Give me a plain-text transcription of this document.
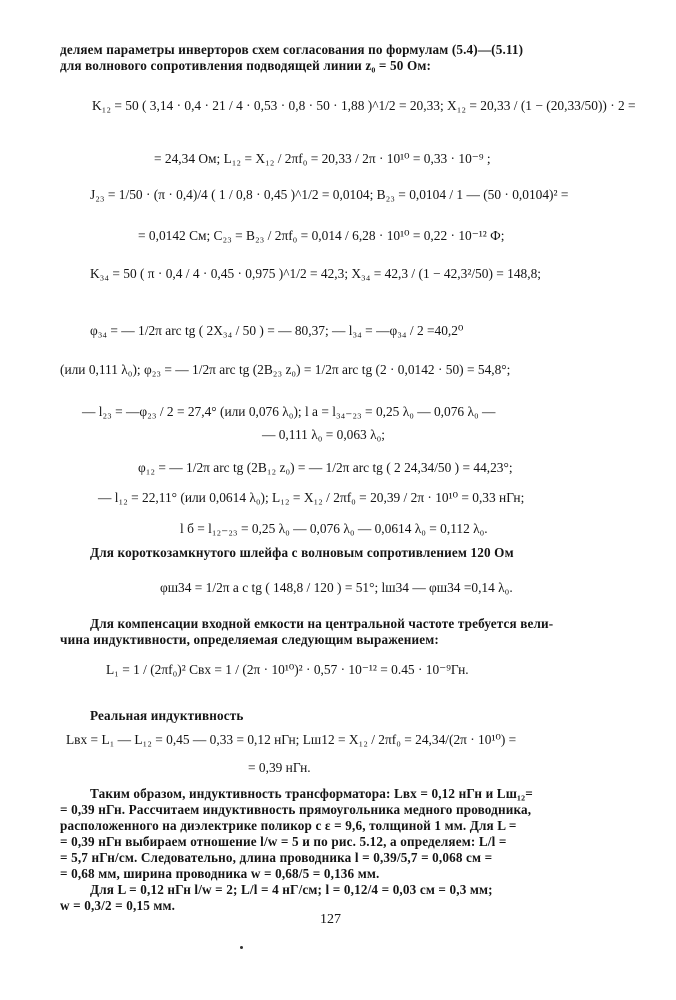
деляем параметры инверторов схем согласования по формулам (5.4)—(5.11)
для волнового сопротивления подводящей линии z₀ = 50 Ом:
K₁₂ = 50 ( 3,14 · 0,4 · 21 / 4 · 0,53 · 0,8 · 50 · 1,88 )^1/2 = 20,33; X₁₂ = 20,33 / (1 − (20,33/50)) · 2 =
= 24,34 Ом; L₁₂ = X₁₂ / 2πf₀ = 20,33 / 2π · 10¹⁰ = 0,33 · 10⁻⁹ ;
J₂₃ = 1/50 · (π · 0,4)/4 ( 1 / 0,8 · 0,45 )^1/2 = 0,0104; B₂₃ = 0,0104 / 1 — (50 · 0,0104)² =
= 0,0142 См; C₂₃ = B₂₃ / 2πf₀ = 0,014 / 6,28 · 10¹⁰ = 0,22 · 10⁻¹² Ф;
K₃₄ = 50 ( π · 0,4 / 4 · 0,45 · 0,975 )^1/2 = 42,3; X₃₄ = 42,3 / (1 − 42,3²/50) = 148,8;
φ₃₄ = — 1/2π arc tg ( 2X₃₄ / 50 ) = — 80,37; — l₃₄ = —φ₃₄ / 2 =40,2⁰
(или 0,111 λ₀); φ₂₃ = — 1/2π arc tg (2B₂₃ z₀) = 1/2π arc tg (2 · 0,0142 · 50) = 54,8°;
— l₂₃ = —φ₂₃ / 2 = 27,4° (или 0,076 λ₀); l a = l₃₄₋₂₃ = 0,25 λ₀ — 0,076 λ₀ —
— 0,111 λ₀ = 0,063 λ₀;
φ₁₂ = — 1/2π arc tg (2B₁₂ z₀) = — 1/2π arc tg ( 2 24,34/50 ) = 44,23°;
— l₁₂ = 22,11° (или 0,0614 λ₀); L₁₂ = X₁₂ / 2πf₀ = 20,39 / 2π · 10¹⁰ = 0,33 нГн;
l б = l₁₂₋₂₃ = 0,25 λ₀ — 0,076 λ₀ — 0,0614 λ₀ = 0,112 λ₀.
Для короткозамкнутого шлейфа с волновым сопротивлением 120 Ом
φш34 = 1/2π a c tg ( 148,8 / 120 ) = 51°; lш34 — φш34 =0,14 λ₀.
Для компенсации входной емкости на центральной частоте требуется вели-
чина индуктивности, определяемая следующим выражением:
L₁ = 1 / (2πf₀)² Cвх = 1 / (2π · 10¹⁰)² · 0,57 · 10⁻¹² = 0.45 · 10⁻⁹Гн.
Реальная индуктивность
Lвх = L₁ — L₁₂ = 0,45 — 0,33 = 0,12 нГн; Lш12 = X₁₂ / 2πf₀ = 24,34/(2π · 10¹⁰) =
= 0,39 нГн.
Таким образом, индуктивность трансформатора: Lвх = 0,12 нГн и Lш₁₂=
= 0,39 нГн. Рассчитаем индуктивность прямоугольника медного проводника,
расположенного на диэлектрике поликор с ε = 9,6, толщиной 1 мм. Для L =
= 0,39 нГн выбираем отношение l/w = 5 и по рис. 5.12, а определяем: L/l =
= 5,7 нГн/см. Следовательно, длина проводника l = 0,39/5,7 = 0,068 см =
= 0,68 мм, ширина проводника w = 0,68/5 = 0,136 мм.
Для L = 0,12 нГн l/w = 2; L/l = 4 нГ/см; l = 0,12/4 = 0,03 см = 0,3 мм;
w = 0,3/2 = 0,15 мм.
127
